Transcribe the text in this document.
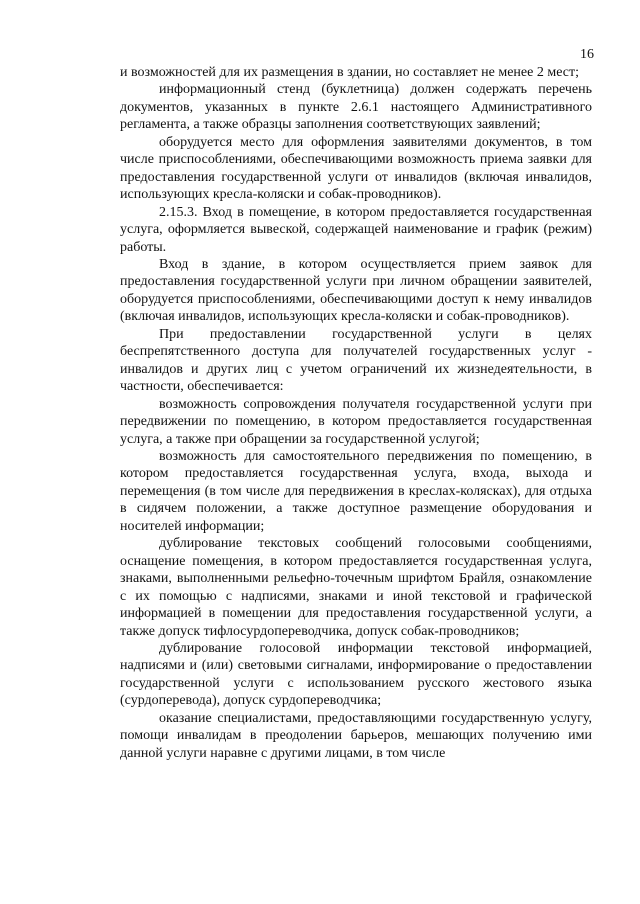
16

и возможностей для их размещения в здании, но составляет не менее 2 мест;

информационный стенд (буклетница) должен содержать перечень документов, указанных в пункте 2.6.1 настоящего Административного регламента, а также образцы заполнения соответствующих заявлений;

оборудуется место для оформления заявителями документов, в том числе приспособлениями, обеспечивающими возможность приема заявки для предоставления государственной услуги от инвалидов (включая инвалидов, использующих кресла-коляски и собак-проводников).

2.15.3. Вход в помещение, в котором предоставляется государственная услуга, оформляется вывеской, содержащей наименование и график (режим) работы.

Вход в здание, в котором осуществляется прием заявок для предоставления государственной услуги при личном обращении заявителей, оборудуется приспособлениями, обеспечивающими доступ к нему инвалидов (включая инвалидов, использующих кресла-коляски и собак-проводников).

При предоставлении государственной услуги в целях беспрепятственного доступа для получателей государственных услуг - инвалидов и других лиц с учетом ограничений их жизнедеятельности, в частности, обеспечивается:

возможность сопровождения получателя государственной услуги при передвижении по помещению, в котором предоставляется государственная услуга, а также при обращении за государственной услугой;

возможность для самостоятельного передвижения по помещению, в котором предоставляется государственная услуга, входа, выхода и перемещения (в том числе для передвижения в креслах-колясках), для отдыха в сидячем положении, а также доступное размещение оборудования и носителей информации;

дублирование текстовых сообщений голосовыми сообщениями, оснащение помещения, в котором предоставляется государственная услуга, знаками, выполненными рельефно-точечным шрифтом Брайля, ознакомление с их помощью с надписями, знаками и иной текстовой и графической информацией в помещении для предоставления государственной услуги, а также допуск тифлосурдопереводчика, допуск собак-проводников;

дублирование голосовой информации текстовой информацией, надписями и (или) световыми сигналами, информирование о предоставлении государственной услуги с использованием русского жестового языка (сурдоперевода), допуск сурдопереводчика;

оказание специалистами, предоставляющими государственную услугу, помощи инвалидам в преодолении барьеров, мешающих получению ими данной услуги наравне с другими лицами, в том числе
